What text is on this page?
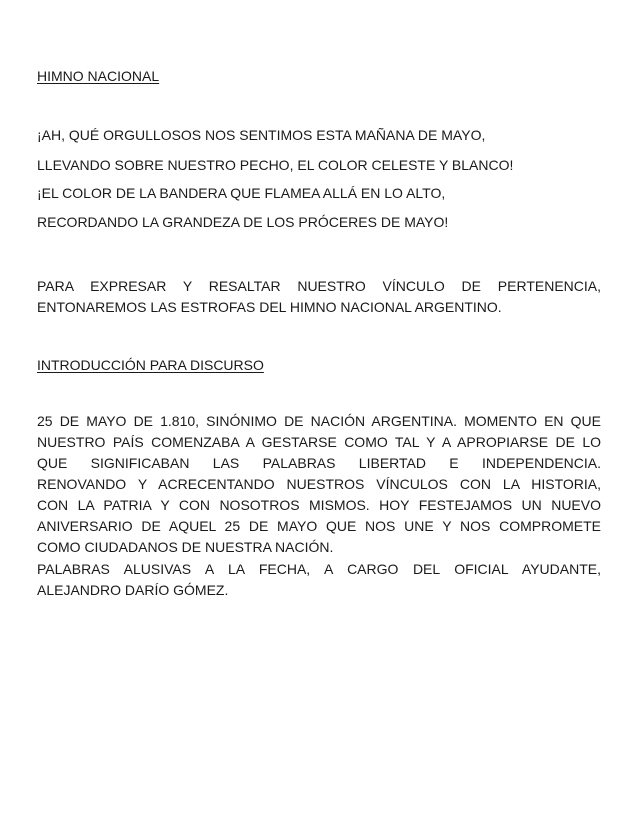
HIMNO NACIONAL
¡AH, QUÉ ORGULLOSOS NOS SENTIMOS ESTA MAÑANA DE MAYO,
LLEVANDO SOBRE NUESTRO PECHO, EL COLOR CELESTE Y BLANCO!
¡EL COLOR DE LA BANDERA QUE FLAMEA ALLÁ EN LO ALTO,
RECORDANDO LA GRANDEZA DE LOS PRÓCERES DE MAYO!
PARA EXPRESAR Y RESALTAR NUESTRO VÍNCULO DE PERTENENCIA,
ENTONAREMOS LAS ESTROFAS DEL HIMNO NACIONAL ARGENTINO.
INTRODUCCIÓN PARA DISCURSO
25 DE MAYO DE 1.810, SINÓNIMO DE NACIÓN ARGENTINA. MOMENTO EN QUE
NUESTRO PAÍS COMENZABA A GESTARSE COMO TAL Y A APROPIARSE DE LO
QUE SIGNIFICABAN LAS PALABRAS LIBERTAD E INDEPENDENCIA.
RENOVANDO Y ACRECENTANDO NUESTROS VÍNCULOS CON LA HISTORIA,
CON LA PATRIA Y CON NOSOTROS MISMOS. HOY FESTEJAMOS UN NUEVO
ANIVERSARIO DE AQUEL 25 DE MAYO QUE NOS UNE Y NOS COMPROMETE
COMO CIUDADANOS DE NUESTRA NACIÓN.
PALABRAS ALUSIVAS A LA FECHA, A CARGO DEL OFICIAL AYUDANTE,
ALEJANDRO DARÍO GÓMEZ.
